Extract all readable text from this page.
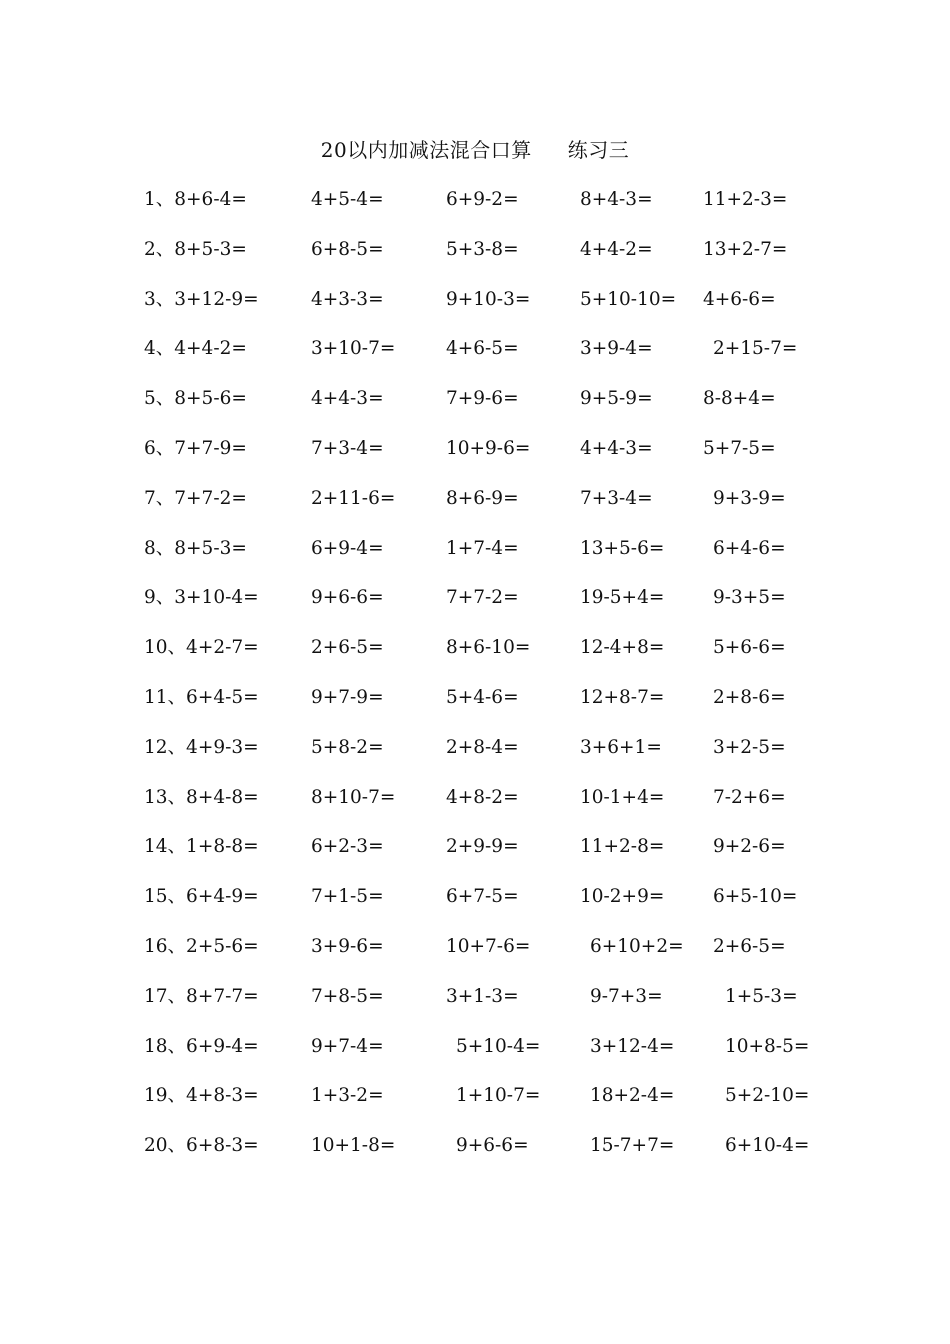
20以内加减法混合口算 练习三
1、8+6-4=	4+5-4=	6+9-2=	8+4-3=	11+2-3=
2、8+5-3=	6+8-5=	5+3-8=	4+4-2=	13+2-7=
3、3+12-9=	4+3-3=	9+10-3=	5+10-10= 4+6-6=
4、4+4-2=	3+10-7=	4+6-5=	3+9-4=	2+15-7=
5、8+5-6=	4+4-3=	7+9-6=	9+5-9=	8-8+4=
6、7+7-9=	7+3-4=	10+9-6=	4+4-3=	5+7-5=
7、7+7-2=	2+11-6=	8+6-9=	7+3-4=	9+3-9=
8、8+5-3=	6+9-4=	1+7-4=	13+5-6=	6+4-6=
9、3+10-4=	9+6-6=	7+7-2=	19-5+4=	9-3+5=
10、4+2-7=	2+6-5=	8+6-10=	12-4+8=	5+6-6=
11、6+4-5=	9+7-9=	5+4-6=	12+8-7=	2+8-6=
12、4+9-3=	5+8-2=	2+8-4=	3+6+1=	3+2-5=
13、8+4-8=	8+10-7=	4+8-2=	10-1+4=	7-2+6=
14、1+8-8=	6+2-3=	2+9-9=	11+2-8=	9+2-6=
15、6+4-9=	7+1-5=	6+7-5=	10-2+9=	6+5-10=
16、2+5-6=	3+9-6=	10+7-6=	6+10+2= 2+6-5=
17、8+7-7=	7+8-5=	3+1-3=	9-7+3=	1+5-3=
18、6+9-4=	9+7-4=	5+10-4=	3+12-4=	10+8-5=
19、4+8-3=	1+3-2=	1+10-7=	18+2-4=	5+2-10=
20、6+8-3=	10+1-8=	9+6-6=	15-7+7=	6+10-4=
